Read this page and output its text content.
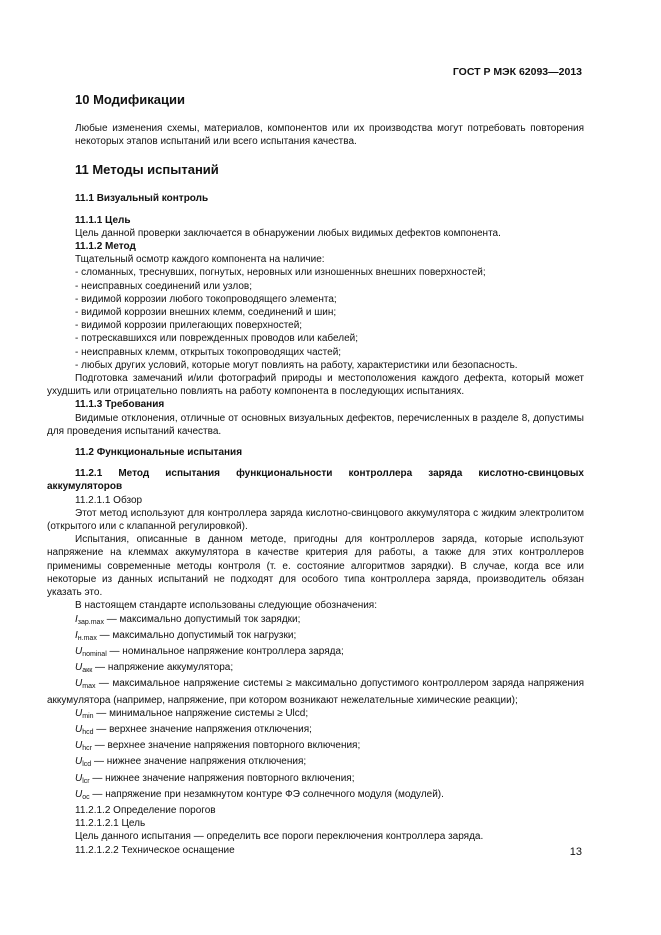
ГОСТ Р МЭК 62093—2013
10 Модификации

Любые изменения схемы, материалов, компонентов или их производства могут потребовать повторения некоторых этапов испытаний или всего испытания качества.

11 Методы испытаний
11.1 Визуальный контроль
11.1.1 Цель

Цель данной проверки заключается в обнаружении любых видимых дефектов компонента.

11.1.2 Метод

Тщательный осмотр каждого компонента на наличие:

- сломанных, треснувших, погнутых, неровных или изношенных внешних поверхностей;
- неисправных соединений или узлов;
- видимой коррозии любого токопроводящего элемента;
- видимой коррозии внешних клемм, соединений и шин;
- видимой коррозии прилегающих поверхностей;
- потрескавшихся или поврежденных проводов или кабелей;
- неисправных клемм, открытых токопроводящих частей;
- любых других условий, которые могут повлиять на работу, характеристики или безопасность.

Подготовка замечаний и/или фотографий природы и местоположения каждого дефекта, который может ухудшить или отрицательно повлиять на работу компонента в последующих испытаниях.

11.1.3 Требования

Видимые отклонения, отличные от основных визуальных дефектов, перечисленных в разделе 8, допустимы для проведения испытаний качества.

11.2 Функциональные испытания
11.2.1 Метод испытания функциональности контроллера заряда кислотно-свинцовых аккумуляторов

11.2.1.1 Обзор

Этот метод используют для контроллера заряда кислотно-свинцового аккумулятора с жидким электролитом (открытого или с клапанной регулировкой).

Испытания, описанные в данном методе, пригодны для контроллеров заряда, которые используют напряжение на клеммах аккумулятора в качестве критерия для работы, а также для этих контроллеров применимы современные методы контроля (т. е. состояние алгоритмов зарядки). В случае, когда все или некоторые из данных испытаний не подходят для особого типа контроллера заряда, производитель обязан указать это.

В настоящем стандарте использованы следующие обозначения:

$I_{зар.max}$ — максимально допустимый ток зарядки;

$I_{н.max}$ — максимально допустимый ток нагрузки;

$U_{nominal}$ — номинальное напряжение контроллера заряда;

$U_{акк}$ — напряжение аккумулятора;

$U_{max}$ — максимальное напряжение системы ≥ максимально допустимого контроллером заряда напряжения аккумулятора (например, напряжение, при котором возникают нежелательные химические реакции);

$U_{min}$ — минимальное напряжение системы ≥ Ulcd;

$U_{hcd}$ — верхнее значение напряжения отключения;

$U_{hcr}$ — верхнее значение напряжения повторного включения;

$U_{lcd}$ — нижнее значение напряжения отключения;

$U_{lcr}$ — нижнее значение напряжения повторного включения;

$U_{oc}$ — напряжение при незамкнутом контуре ФЭ солнечного модуля (модулей).

11.2.1.2 Определение порогов

11.2.1.2.1 Цель

Цель данного испытания — определить все пороги переключения контроллера заряда.

11.2.1.2.2 Техническое оснащение	13
